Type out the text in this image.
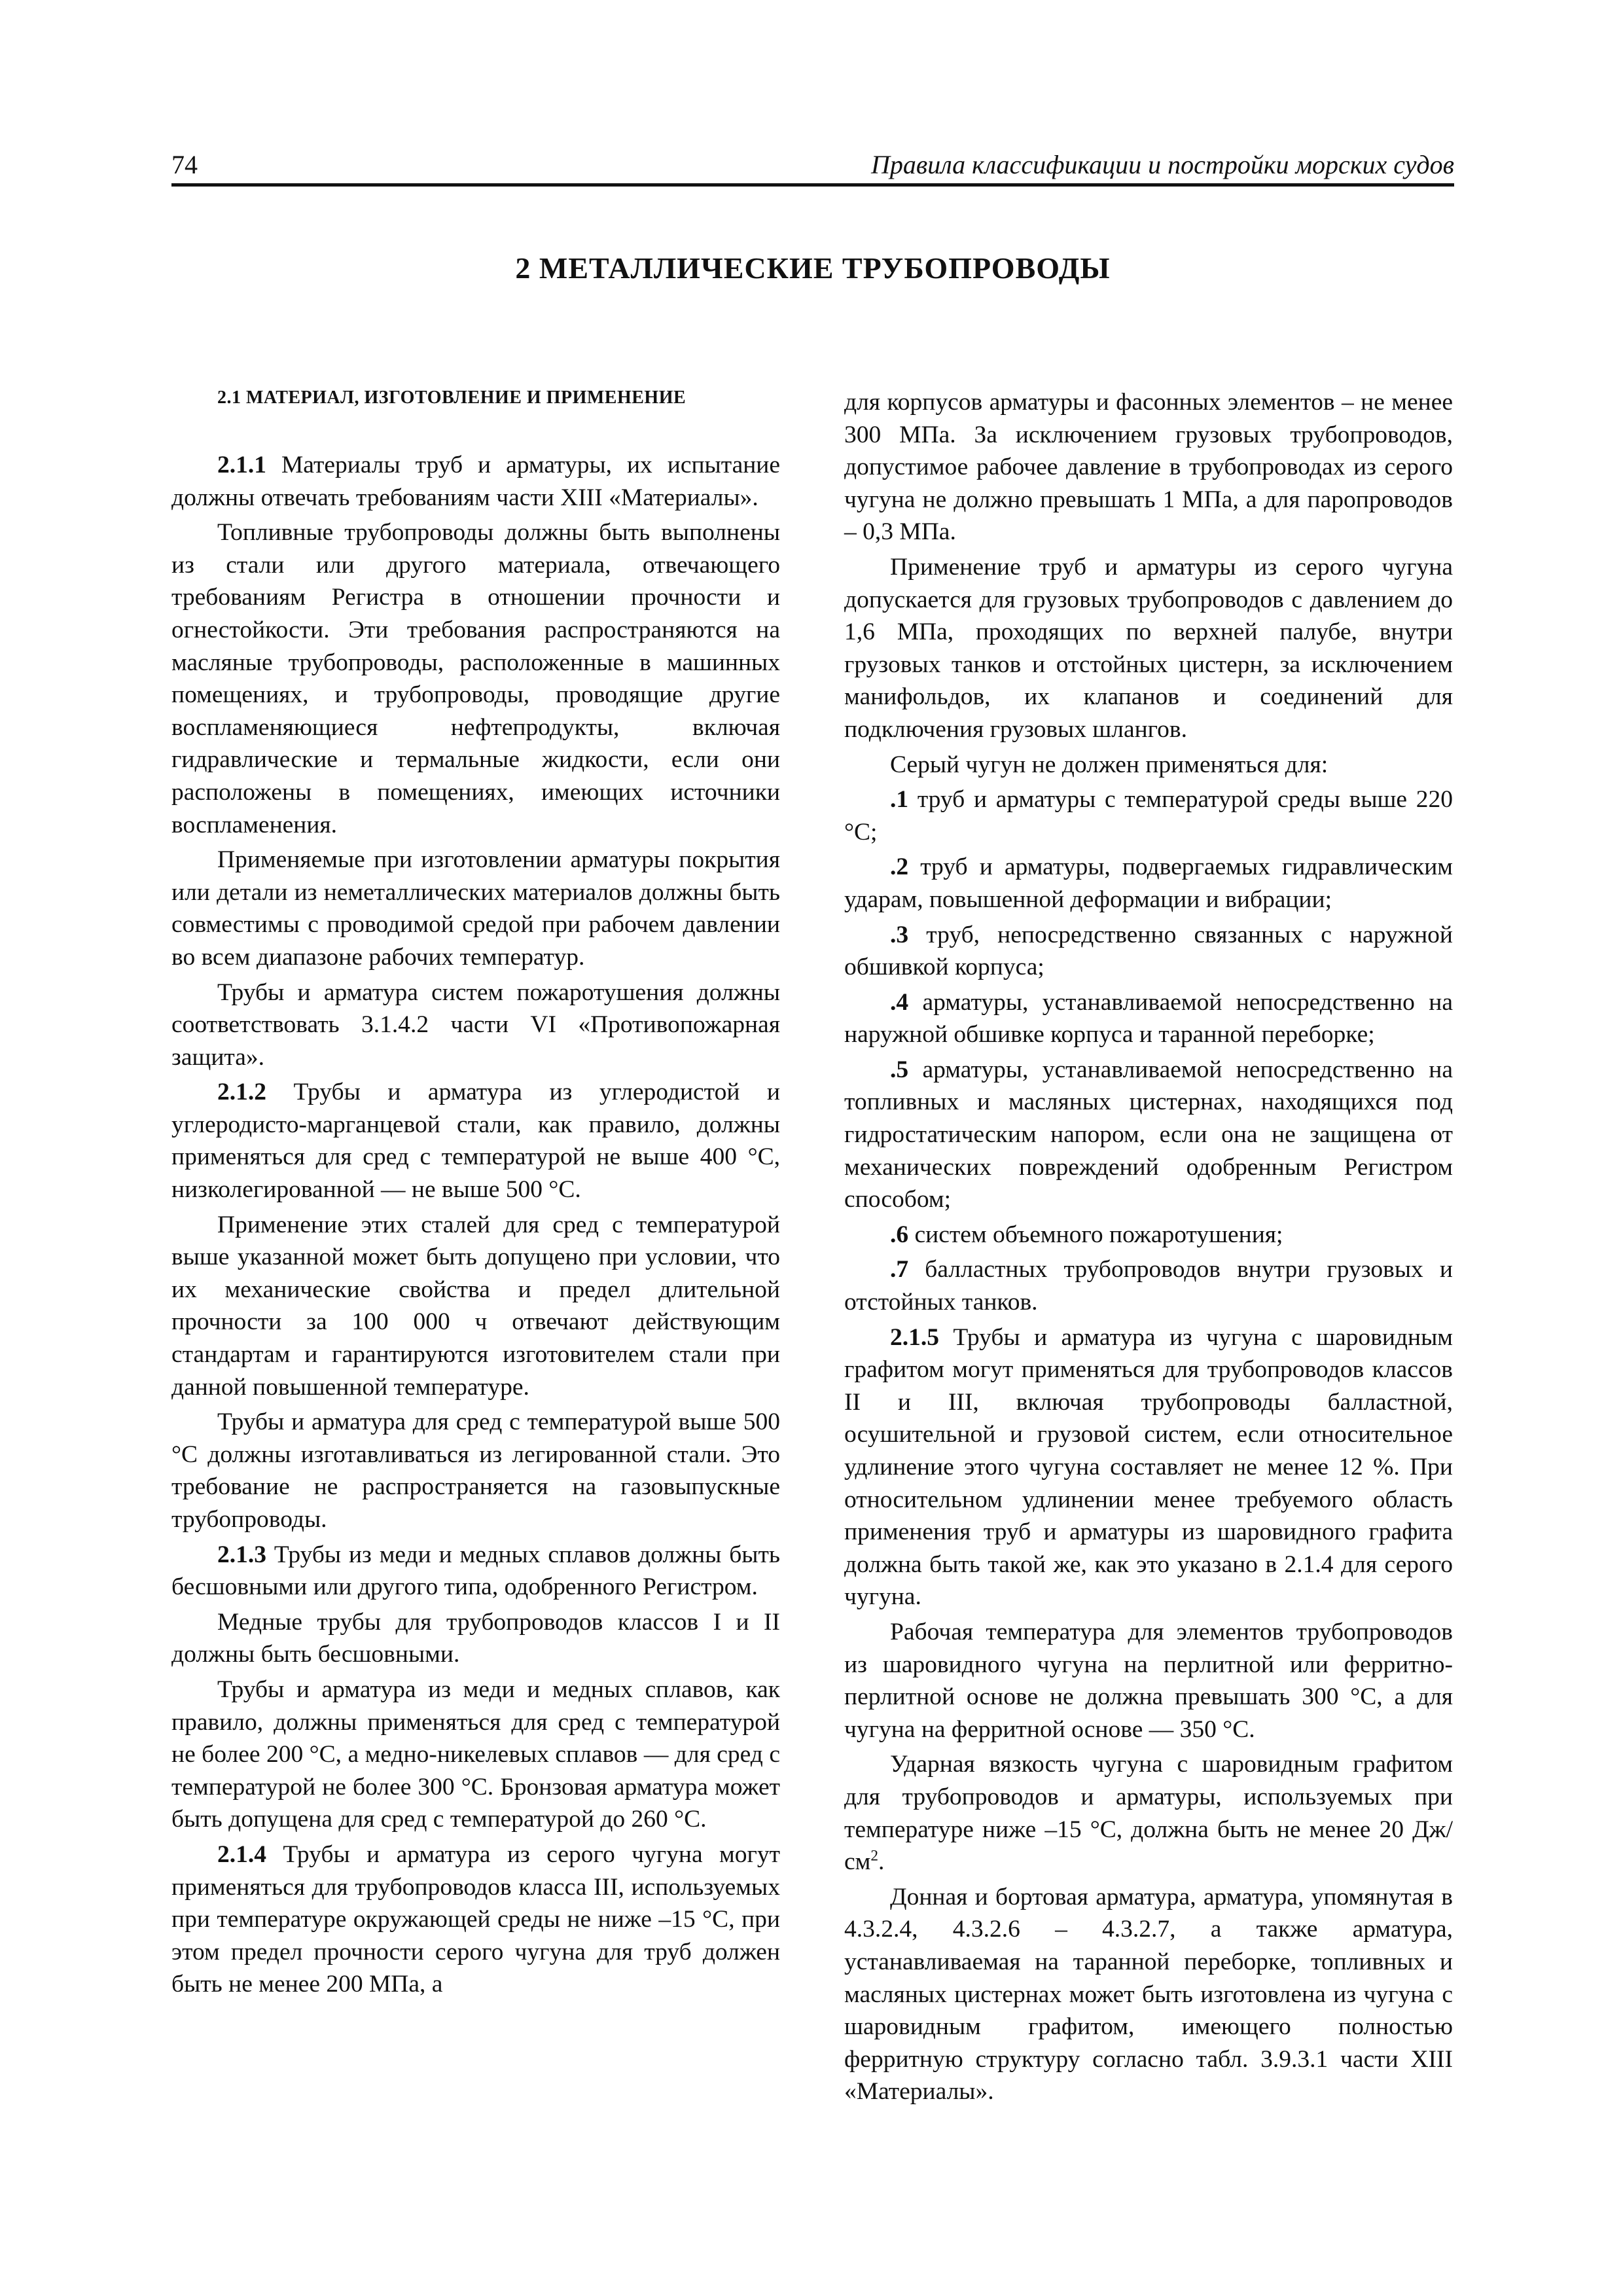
74	Правила классификации и постройки морских судов
2 МЕТАЛЛИЧЕСКИЕ ТРУБОПРОВОДЫ
2.1 МАТЕРИАЛ, ИЗГОТОВЛЕНИЕ И ПРИМЕНЕНИЕ

2.1.1 Материалы труб и арматуры, их испытание должны отвечать требованиям части XIII «Материалы».

Топливные трубопроводы должны быть выполнены из стали или другого материала, отвечающего требованиям Регистра в отношении прочности и огнестойкости. Эти требования распространяются на масляные трубопроводы, расположенные в машинных помещениях, и трубопроводы, проводящие другие воспламеняющиеся нефтепродукты, включая гидравлические и термальные жидкости, если они расположены в помещениях, имеющих источники воспламенения.

Применяемые при изготовлении арматуры покрытия или детали из неметаллических материалов должны быть совместимы с проводимой средой при рабочем давлении во всем диапазоне рабочих температур.

Трубы и арматура систем пожаротушения должны соответствовать 3.1.4.2 части VI «Противопожарная защита».

2.1.2 Трубы и арматура из углеродистой и углеродисто-марганцевой стали, как правило, должны применяться для сред с температурой не выше 400 °С, низколегированной — не выше 500 °С.

Применение этих сталей для сред с температурой выше указанной может быть допущено при условии, что их механические свойства и предел длительной прочности за 100 000 ч отвечают действующим стандартам и гарантируются изготовителем стали при данной повышенной температуре.

Трубы и арматура для сред с температурой выше 500 °С должны изготавливаться из легированной стали. Это требование не распространяется на газовыпускные трубопроводы.

2.1.3 Трубы из меди и медных сплавов должны быть бесшовными или другого типа, одобренного Регистром.

Медные трубы для трубопроводов классов I и II должны быть бесшовными.

Трубы и арматура из меди и медных сплавов, как правило, должны применяться для сред с температурой не более 200 °С, а медно-никелевых сплавов — для сред с температурой не более 300 °С. Бронзовая арматура может быть допущена для сред с температурой до 260 °С.

2.1.4 Трубы и арматура из серого чугуна могут применяться для трубопроводов класса III, используемых при температуре окружающей среды не ниже –15 °С, при этом предел прочности серого чугуна для труб должен быть не менее 200 МПа, а

для корпусов арматуры и фасонных элементов – не менее 300 МПа. За исключением грузовых трубопроводов, допустимое рабочее давление в трубопроводах из серого чугуна не должно превышать 1 МПа, а для паропроводов – 0,3 МПа.

Применение труб и арматуры из серого чугуна допускается для грузовых трубопроводов с давлением до 1,6 МПа, проходящих по верхней палубе, внутри грузовых танков и отстойных цистерн, за исключением манифольдов, их клапанов и соединений для подключения грузовых шлангов.

Серый чугун не должен применяться для:

.1 труб и арматуры с температурой среды выше 220 °С;

.2 труб и арматуры, подвергаемых гидравлическим ударам, повышенной деформации и вибрации;

.3 труб, непосредственно связанных с наружной обшивкой корпуса;

.4 арматуры, устанавливаемой непосредственно на наружной обшивке корпуса и таранной переборке;

.5 арматуры, устанавливаемой непосредственно на топливных и масляных цистернах, находящихся под гидростатическим напором, если она не защищена от механических повреждений одобренным Регистром способом;

.6 систем объемного пожаротушения;

.7 балластных трубопроводов внутри грузовых и отстойных танков.

2.1.5 Трубы и арматура из чугуна с шаровидным графитом могут применяться для трубопроводов классов II и III, включая трубопроводы балластной, осушительной и грузовой систем, если относительное удлинение этого чугуна составляет не менее 12 %. При относительном удлинении менее требуемого область применения труб и арматуры из шаровидного графита должна быть такой же, как это указано в 2.1.4 для серого чугуна.

Рабочая температура для элементов трубопроводов из шаровидного чугуна на перлитной или ферритно-перлитной основе не должна превышать 300 °С, а для чугуна на ферритной основе — 350 °С.

Ударная вязкость чугуна с шаровидным графитом для трубопроводов и арматуры, используемых при температуре ниже –15 °С, должна быть не менее 20 $Дж/см^2$.

Донная и бортовая арматура, арматура, упомянутая в 4.3.2.4, 4.3.2.6 – 4.3.2.7, а также арматура, устанавливаемая на таранной переборке, топливных и масляных цистернах может быть изготовлена из чугуна с шаровидным графитом, имеющего полностью ферритную структуру согласно табл. 3.9.3.1 части XIII «Материалы».
